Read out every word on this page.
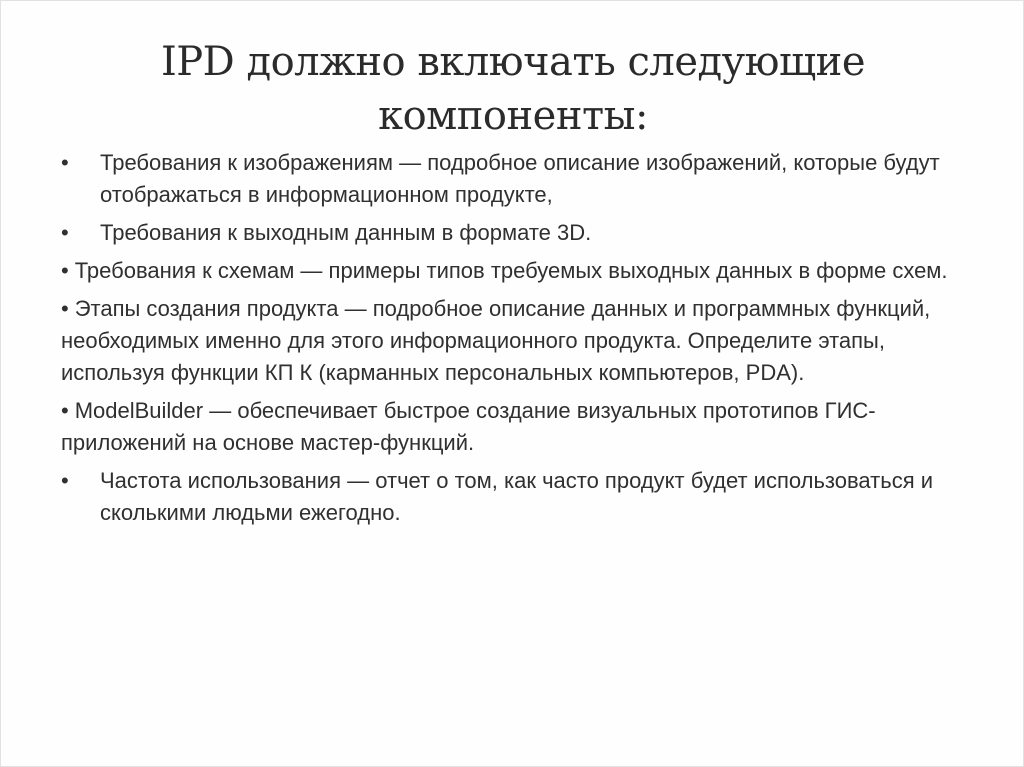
IPD должно включать следующие
компоненты:
• Требования к изображениям — подробное описание изображений, которые будут отображаться в информационном продукте,
• Требования к выходным данным в формате 3D.
• Требования к схемам — примеры типов требуемых выходных данных в форме схем.
• Этапы создания продукта — подробное описание данных и программных функций, необходимых именно для этого информационного продукта. Определите этапы, используя функции КП К (карманных персональных компьютеров, PDA).
• ModelBuilder — обеспечивает быстрое создание визуальных прототипов ГИС-приложений на основе мастер-функций.
• Частота использования — отчет о том, как часто продукт будет использоваться и сколькими людьми ежегодно.
